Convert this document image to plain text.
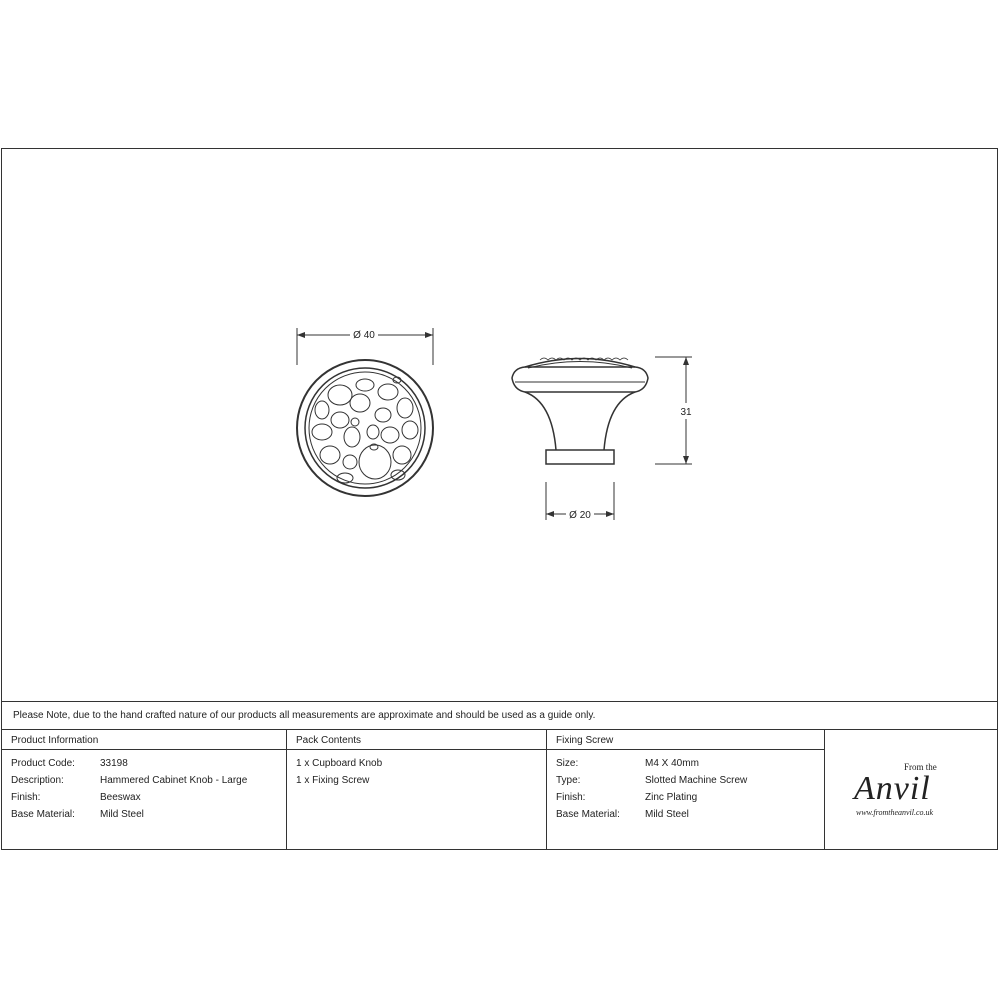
Ø 40
31
Ø 20
Please Note, due to the hand crafted nature of our products all measurements are approximate and should be used as a guide only.
Product Information
Product Code:	33198
Description:	Hammered Cabinet Knob - Large
Finish:	Beeswax
Base Material:	Mild Steel
Pack Contents
1 x Cupboard Knob
1 x Fixing Screw
Fixing Screw
Size:	M4 X 40mm
Type:	Slotted Machine Screw
Finish:	Zinc Plating
Base Material:	Mild Steel
From the
Anvil
www.fromtheanvil.co.uk
